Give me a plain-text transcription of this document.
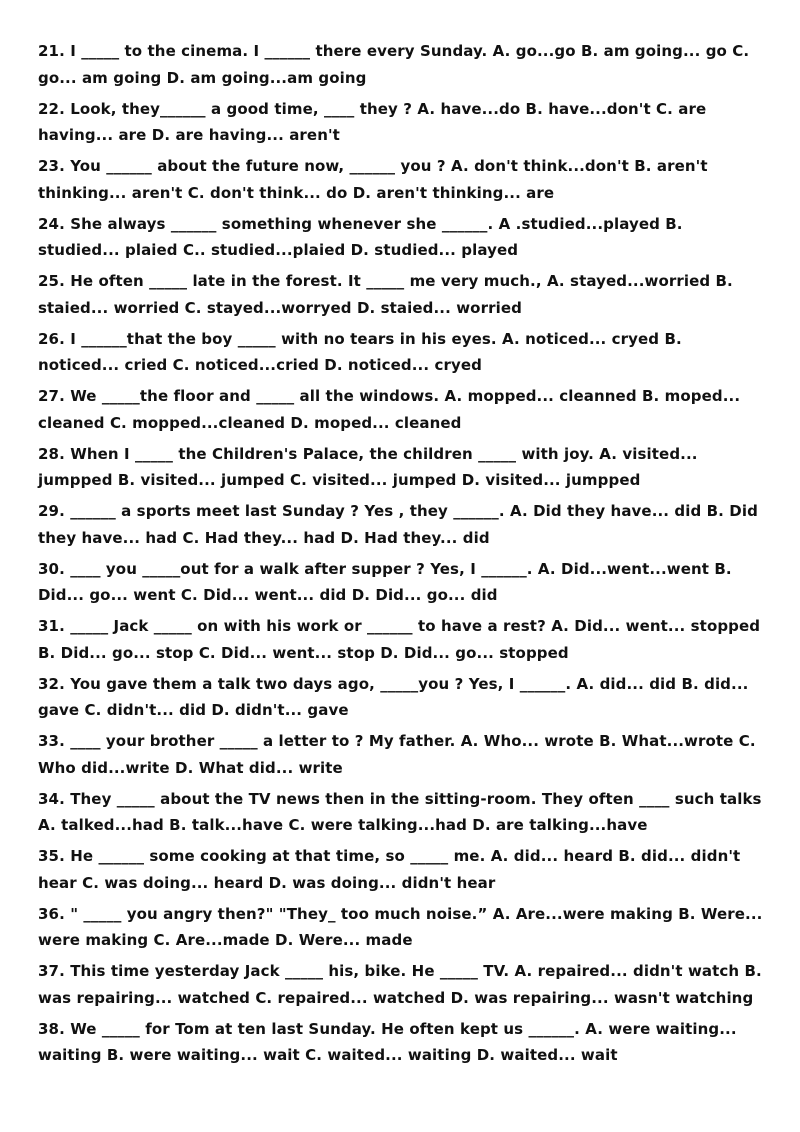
21. I _____ to the cinema. I ______ there every Sunday. A. go...go B. am going... go C. go... am going D. am going...am going
22. Look, they______ a good time, ____ they ? A. have...do B. have...don't C. are having... are D. are having... aren't
23. You ______ about the future now, ______ you ? A. don't think...don't B. aren't thinking... aren't C. don't think... do D. aren't thinking... are
24. She always ______ something whenever she ______. A .studied...played B. studied... plaied C.. studied...plaied D. studied... played
25. He often _____ late in the forest. It _____ me very much., A. stayed...worried B. staied... worried C. stayed...worryed D. staied... worried
26. I ______that the boy _____ with no tears in his eyes. A. noticed... cryed B. noticed... cried C. noticed...cried D. noticed... cryed
27. We _____the floor and _____ all the windows. A. mopped... cleanned B. moped... cleaned C. mopped...cleaned D. moped... cleaned
28. When I _____ the Children's Palace, the children _____ with joy. A. visited... jumpped B. visited... jumped C. visited... jumped D. visited... jumpped
29. ______ a sports meet last Sunday ? Yes , they ______. A. Did they have... did B. Did they have... had C. Had they... had D. Had they... did
30. ____ you _____out for a walk after supper ? Yes, I ______. A. Did...went...went B. Did... go... went C. Did... went... did D. Did... go... did
31. _____ Jack _____ on with his work or ______ to have a rest? A. Did... went... stopped B. Did... go... stop C. Did... went... stop D. Did... go... stopped
32. You gave them a talk two days ago, _____you ? Yes, I ______. A. did... did B. did... gave C. didn't... did D. didn't... gave
33. ____ your brother _____ a letter to ? My father. A. Who... wrote B. What...wrote C. Who did...write D. What did... write
34. They _____ about the TV news then in the sitting-room. They often ____ such talks A. talked...had B. talk...have C. were talking...had D. are talking...have
35. He ______ some cooking at that time, so _____ me. A. did... heard B. did... didn't hear C. was doing... heard D. was doing... didn't hear
36. " _____ you angry then?" "They_ too much noise.” A. Are...were making B. Were... were making C. Are...made D. Were... made
37. This time yesterday Jack _____ his, bike. He _____ TV. A. repaired... didn't watch B. was repairing... watched C. repaired... watched D. was repairing... wasn't watching
38. We _____ for Tom at ten last Sunday. He often kept us ______. A. were waiting... waiting B. were waiting... wait C. waited... waiting D. waited... wait
